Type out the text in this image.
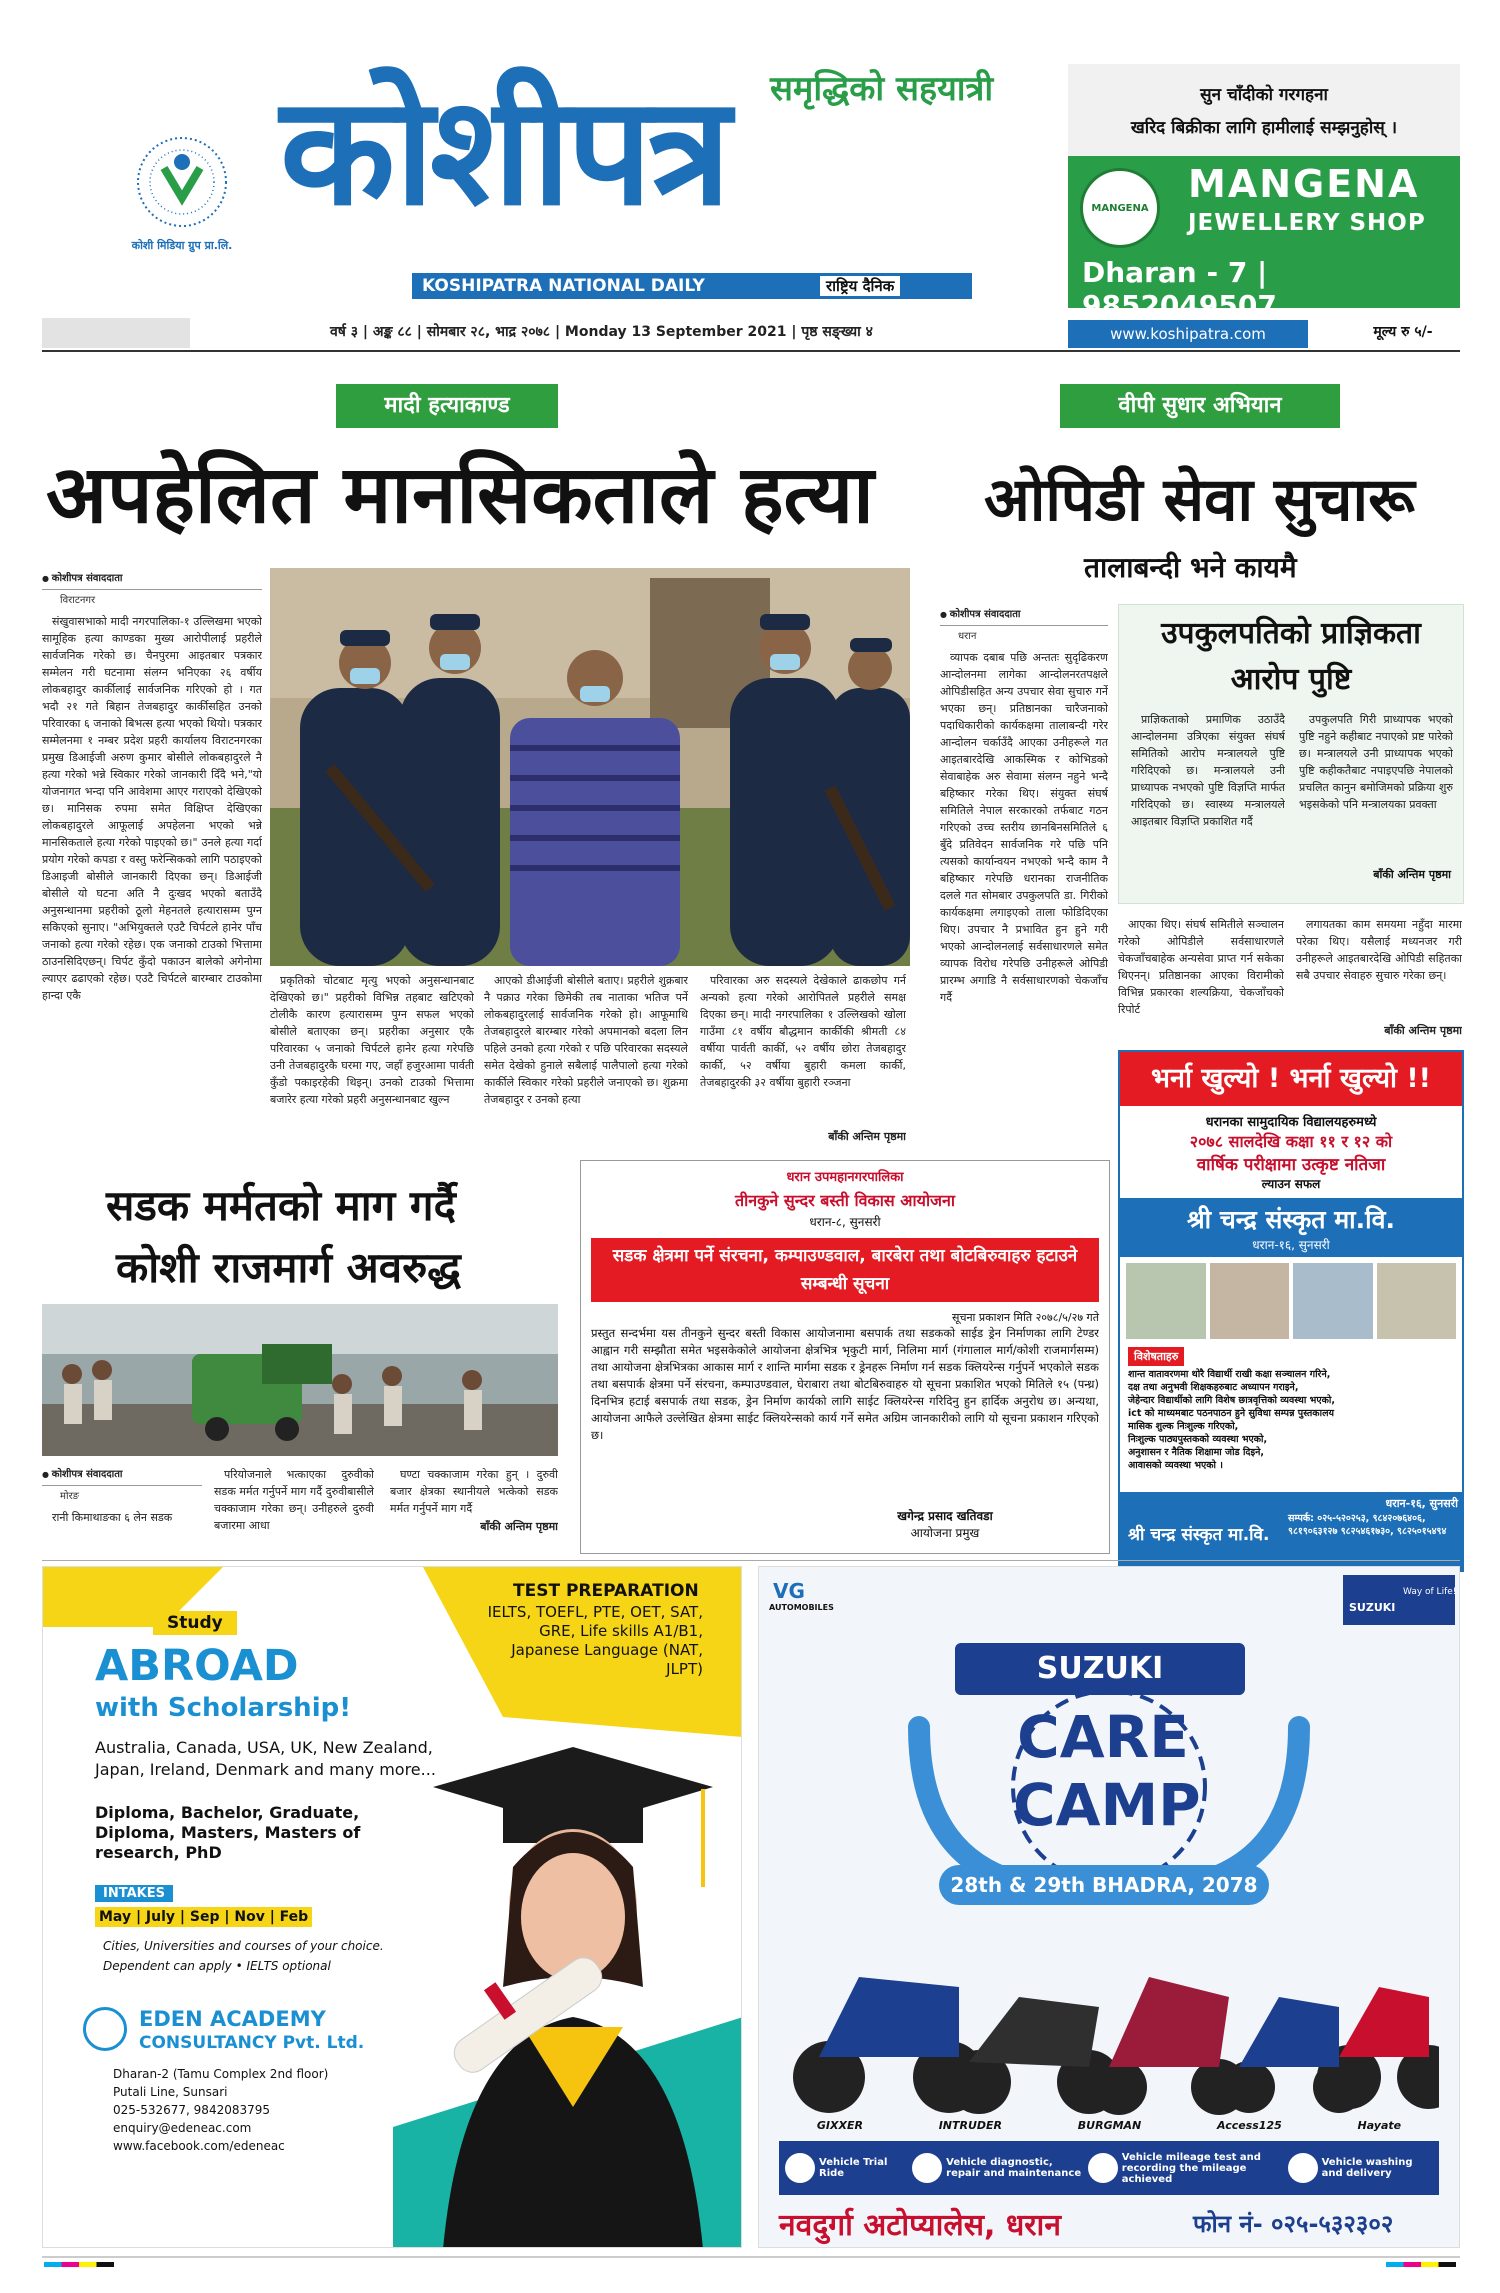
कोशी मिडिया ग्रुप प्रा.लि.
समृद्धिको सहयात्री
कोशीपत्र
KOSHIPATRA NATIONAL DAILY	राष्ट्रिय दैनिक
वर्ष ३ | अङ्क ८८ | सोमबार २८, भाद्र २०७८ | Monday 13 September 2021 | पृष्ठ सङ्ख्या ४	www.koshipatra.com	मूल्य रु ५/-
सुन चाँदीको गरगहना
खरिद बिक्रीका लागि हामीलाई सम्झनुहोस् ।
MANGENA
MANGENA
JEWELLERY SHOP
Dharan - 7 | 9852049507
मादी हत्याकाण्ड
अपहेलित मानसिकताले हत्या
● कोशीपत्र संवाददाता
विराटनगर

संखुवासभाको मादी नगरपालिका-१ उल्लिखमा भएको सामूहिक हत्या काण्डका मुख्य आरोपीलाई प्रहरीले सार्वजनिक गरेको छ। चैनपुरमा आइतबार पत्रकार सम्मेलन गरी घटनामा संलग्न भनिएका २६ वर्षीय लोकबहादुर कार्कीलाई सार्वजनिक गरिएको हो । गत भदौ २१ गते बिहान तेजबहादुर कार्कीसहित उनको परिवारका ६ जनाको बिभत्स हत्या भएको थियो। पत्रकार सम्मेलनमा १ नम्बर प्रदेश प्रहरी कार्यालय विराटनगरका प्रमुख डिआईजी अरुण कुमार बोसीले लोकबहादुरले नै हत्या गरेको भन्ने स्विकार गरेको जानकारी दिँदै भने,"यो योजनागत भन्दा पनि आवेशमा आएर गराएको देखिएको छ। मानिसक रुपमा समेत विक्षिप्त देखिएका लोकबहादुरले आफूलाई अपहेलना भएको भन्ने मानसिकताले हत्या गरेको पाइएको छ।" उनले हत्या गर्दा प्रयोग गरेको कपडा र वस्तु फरेन्सिकको लागि पठाइएको डिआइजी बोसीले जानकारी दिएका छन्। डिआईजी बोसीले यो घटना अति नै दुःखद भएको बताउँदै अनुसन्धानमा प्रहरीको ठूलो मेहनतले हत्यारासम्म पुग्न सकिएको सुनाए। "अभियुक्तले एउटै चिर्पटले हानेर पाँच जनाको हत्या गरेको रहेछ। एक जनाको टाउको भित्तामा ठाउनसिदिएछन्। चिर्पट कुँदो पकाउन बालेको अगेनोमा ल्याएर ढढाएको रहेछ। एउटै चिर्पटले बारम्बार टाउकोमा हान्दा एकै

प्रकृतिको चोटबाट मृत्यु भएको अनुसन्धानबाट देखिएको छ।" प्रहरीको विभिन्न तहबाट खटिएको टोलीकै कारण हत्यारासम्म पुग्न सफल भएको बोसीले बताएका छन्। प्रहरीका अनुसार एकै परिवारका ५ जनाको चिर्पटले हानेर हत्या गरेपछि उनी तेजबहादुरकै घरमा गए, जहाँ हजुरआमा पार्वती कुँडो पकाइरहेकी थिइन्। उनको टाउको भित्तामा बजारेर हत्या गरेको प्रहरी अनुसन्धानबाट खुल्न

आएको डीआईजी बोसीले बताए। प्रहरीले शुक्रबार नै पक्राउ गरेका छिमेकी तब नाताका भतिज पर्ने लोकबहादुरलाई सार्वजनिक गरेको हो। आफूमाथि तेजबहादुरले बारम्बार गरेको अपमानको बदला लिन पहिले उनको हत्या गरेको र पछि परिवारका सदस्यले समेत देखेको हुनाले सबैलाई पालैपालो हत्या गरेको कार्कीले स्विकार गरेको प्रहरीले जनाएको छ। शुक्रमा तेजबहादुर र उनको हत्या

परिवारका अरु सदस्यले देखेकाले ढाकछोप गर्न अन्यको हत्या गरेको आरोपितले प्रहरीले समक्ष दिएका छन्। मादी नगरपालिका १ उल्लिखको खोला गाउँमा ८१ वर्षीय बौद्धमान कार्कीकी श्रीमती ८४ वर्षीया पार्वती कार्की, ५२ वर्षीय छोरा तेजबहादुर कार्की, ५२ वर्षीया बुहारी कमला कार्की, तेजबहादुरकी ३२ वर्षीया बुहारी रञ्जना

बाँकी अन्तिम पृष्ठमा
वीपी सुधार अभियान
ओपिडी सेवा सुचारू
तालाबन्दी भने कायमै
● कोशीपत्र संवाददाता
धरान

व्यापक दबाब पछि अन्ततः सुदृढिकरण आन्दोलनमा लागेका आन्दोलनरतपक्षले ओपिडीसहित अन्य उपचार सेवा सुचारु गर्ने भएका छन्। प्रतिष्ठानका चारैजनाको पदाधिकारीको कार्यकक्षमा तालाबन्दी गरेर आन्दोलन चर्काउँदै आएका उनीहरूले गत आइतबारदेखि आकस्मिक र कोभिडको सेवाबाहेक अरु सेवामा संलग्न नहुने भन्दै बहिष्कार गरेका थिए। संयुक्त संघर्ष समितिले नेपाल सरकारको तर्फबाट गठन गरिएको उच्च स्तरीय छानबिनसमितिले ६ बुँदे प्रतिवेदन सार्वजनिक गरे पछि पनि त्यसको कार्यान्वयन नभएको भन्दै काम नै बहिष्कार गरेपछि धरानका राजनीतिक दलले गत सोमबार उपकुलपति डा. गिरीको कार्यकक्षमा लगाइएको ताला फोडिदिएका थिए। उपचार नै प्रभावित हुन हुने गरी भएको आन्दोलनलाई सर्वसाधारणले समेत व्यापक विरोध गरेपछि उनीहरूले ओपिडी प्रारम्भ अगाडि नै सर्वसाधारणको चेकजाँच गर्दै

उपकुलपतिको प्राज्ञिकता आरोप पुष्टि

प्राज्ञिकताको प्रमाणिक उठाउँदै आन्दोलनमा उत्रिएका संयुक्त संघर्ष समितिको आरोप मन्त्रालयले पुष्टि गरिदिएको छ। मन्त्रालयले उनी प्राध्यापक नभएको पुष्टि विज्ञप्ति मार्फत गरिदिएको छ। स्वास्थ्य मन्त्रालयले आइतबार विज्ञप्ति प्रकाशित गर्दै

उपकुलपति गिरी प्राध्यापक भएको पुष्टि नहुने कहीबाट नपाएको प्रष्ट पारेको छ। मन्त्रालयले उनी प्राध्यापक भएको पुष्टि कहीकतैबाट नपाइएपछि नेपालको प्रचलित कानुन बमोजिमको प्रक्रिया शुरु भइसकेको पनि मन्त्रालयका प्रवक्ता

बाँकी अन्तिम पृष्ठमा

आएका थिए। संघर्ष समितीले सञ्चालन गरेको ओपिडीले सर्वसाधारणले चेकजाँचबाहेक अन्यसेवा प्राप्त गर्न सकेका थिएनन्। प्रतिष्ठानका आएका विरामीको विभिन्न प्रकारका शल्यक्रिया, चेकजाँचको रिपोर्ट

लगायतका काम समयमा नहुँदा मारमा परेका थिए। यसैलाई मध्यनजर गरी उनीहरूले आइतबारदेखि ओपिडी सहितका सबै उपचार सेवाहरु सुचारु गरेका छन्।

बाँकी अन्तिम पृष्ठमा
भर्ना खुल्यो ! भर्ना खुल्यो !!
धरानका सामुदायिक विद्यालयहरुमध्ये
२०७८ सालदेखि कक्षा ११ र १२ को
वार्षिक परीक्षामा उत्कृष्ट नतिजा
ल्याउन सफल
श्री चन्द्र संस्कृत मा.वि.
धरान-१६, सुनसरी
विशेषताहरु
शान्त वातावरणमा थोरै विद्यार्थी राखी कक्षा सञ्चालन गरिने,
दक्ष तथा अनुभवी शिक्षकहरुबाट अध्यापन गराइने,
जेहेन्दार विद्यार्थीको लागि विशेष छात्रवृत्तिको व्यवस्था भएको,
ict को माध्यमबाट पठनपाठन हुने सुविधा सम्पन्न पुस्तकालय
मासिक शुल्क निःशुल्क गरिएको,
निःशुल्क पाठ्यपुस्तकको व्यवस्था भएको,
अनुशासन र नैतिक शिक्षामा जोड दिइने,
आवासको व्यवस्था भएको ।
श्री चन्द्र संस्कृत मा.वि.
धरान-१६, सुनसरी
सम्पर्क: ०२५-५२०२५३, ९८४२०७६४०६, ९८१९०६३१२७ ९८२५४६१७३०, ९८२५०१५४९४
सडक मर्मतको माग गर्दै
कोशी राजमार्ग अवरुद्ध
● कोशीपत्र संवाददाता
मोरङ

रानी किमाथाङका ६ लेन सडक

परियोजनाले भत्काएका दुरुवीको सडक मर्मत गर्नुपर्ने माग गर्दै दुरुवीबासीले चक्काजाम गरेका छन्। उनीहरुले दुरुवी बजारमा आधा

घण्टा चक्काजाम गरेका हुन् । दुरुवी बजार क्षेत्रका स्थानीयले भत्केको सडक मर्मत गर्नुपर्ने माग गर्दै

बाँकी अन्तिम पृष्ठमा
धरान उपमहानगरपालिका
तीनकुने सुन्दर बस्ती विकास आयोजना
धरान-८, सुनसरी
सडक क्षेत्रमा पर्ने संरचना, कम्पाउण्डवाल, बारबेरा तथा बोटबिरुवाहरु हटाउने सम्बन्धी सूचना
सूचना प्रकाशन मिति २०७८/५/२७ गते
प्रस्तुत सन्दर्भमा यस तीनकुने सुन्दर बस्ती विकास आयोजनामा बसपार्क तथा सडकको साईड ड्रेन निर्माणका लागि टेण्डर आह्वान गरी सम्झौता समेत भइसकेकोले आयोजना क्षेत्रभित्र भृकुटी मार्ग, निलिमा मार्ग (गंगालाल मार्ग/कोशी राजमार्गसम्म) तथा आयोजना क्षेत्रभित्रका आकास मार्ग र शान्ति मार्गमा सडक र ड्रेनहरू निर्माण गर्न सडक क्लियरेन्स गर्नुपर्ने भएकोले सडक तथा बसपार्क क्षेत्रमा पर्ने संरचना, कम्पाउण्डवाल, घेराबारा तथा बोटबिरुवाहरु यो सूचना प्रकाशित भएको मितिले १५ (पन्ध्र) दिनभित्र हटाई बसपार्क तथा सडक, ड्रेन निर्माण कार्यको लागि साईट क्लियरेन्स गरिदिनु हुन हार्दिक अनुरोध छ। अन्यथा, आयोजना आफैले उल्लेखित क्षेत्रमा साईट क्लियरेन्सको कार्य गर्ने समेत अग्रिम जानकारीको लागि यो सूचना प्रकाशन गरिएको छ।
खगेन्द्र प्रसाद खतिवडा
आयोजना प्रमुख
Study
ABROAD
with Scholarship!
Australia, Canada, USA, UK, New Zealand, Japan, Ireland, Denmark and many more...
Diploma, Bachelor, Graduate, Diploma, Masters, Masters of research, PhD
INTAKES
May | July | Sep | Nov | Feb
Cities, Universities and courses of your choice.
Dependent can apply • IELTS optional
TEST PREPARATION
IELTS, TOEFL, PTE, OET, SAT, GRE, Life skills A1/B1, Japanese Language (NAT, JLPT)
EDEN ACADEMY
CONSULTANCY Pvt. Ltd.
Dharan-2 (Tamu Complex 2nd floor)
Putali Line, Sunsari
025-532677, 9842083795
enquiry@edeneac.com
www.facebook.com/edeneac
VG
AUTOMOBILES	SUZUKI
Way of Life!
SUZUKI
CARE
CAMP
28th & 29th BHADRA, 2078
GIXXER	INTRUDER	BURGMAN	Access125	Hayate
Vehicle Trial Ride
Vehicle diagnostic, repair and maintenance
Vehicle mileage test and recording the mileage achieved
Vehicle washing and delivery
नवदुर्गा अटोप्यालेस, धरान	फोन नं- ०२५-५३२३०२
